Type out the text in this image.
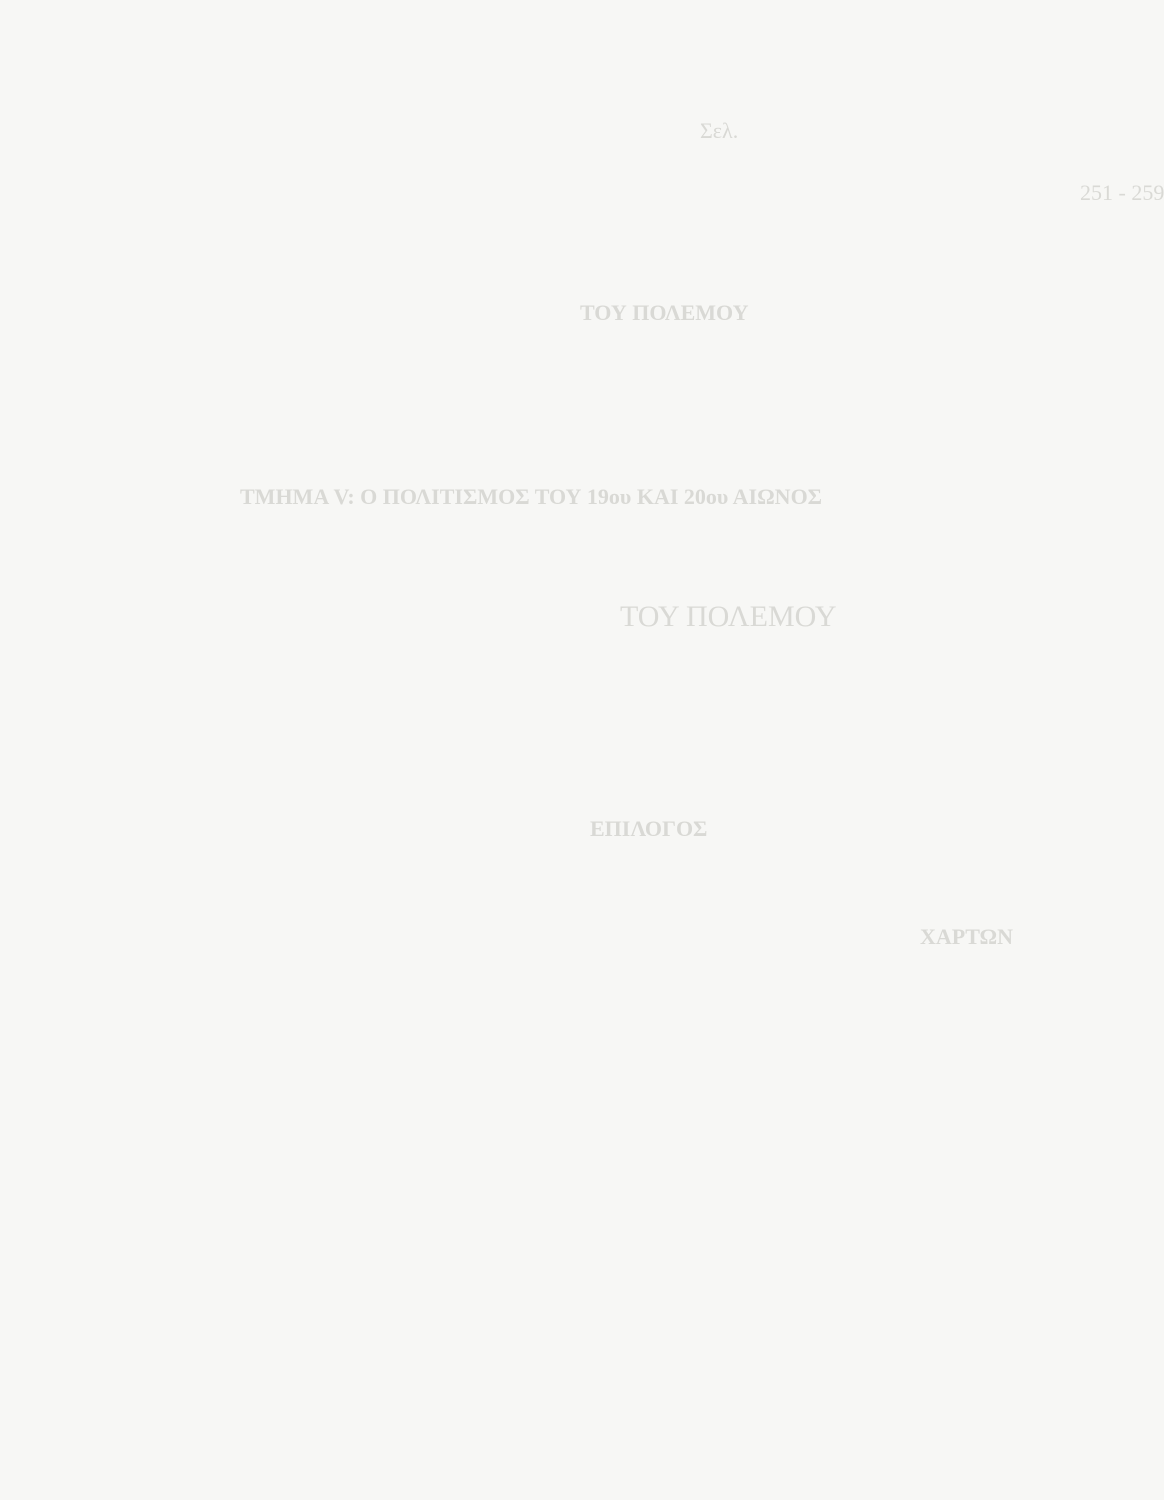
Σελ.
251 - 259
ΤΟΥ ΠΟΛΕΜΟΥ
ΤΜΗΜΑ V: Ο ΠΟΛΙΤΙΣΜΟΣ ΤΟΥ 19ου ΚΑΙ 20ου ΑΙΩΝΟΣ
ΤΟΥ ΠΟΛΕΜΟΥ
ΕΠΙΛΟΓΟΣ
ΧΑΡΤΩΝ
